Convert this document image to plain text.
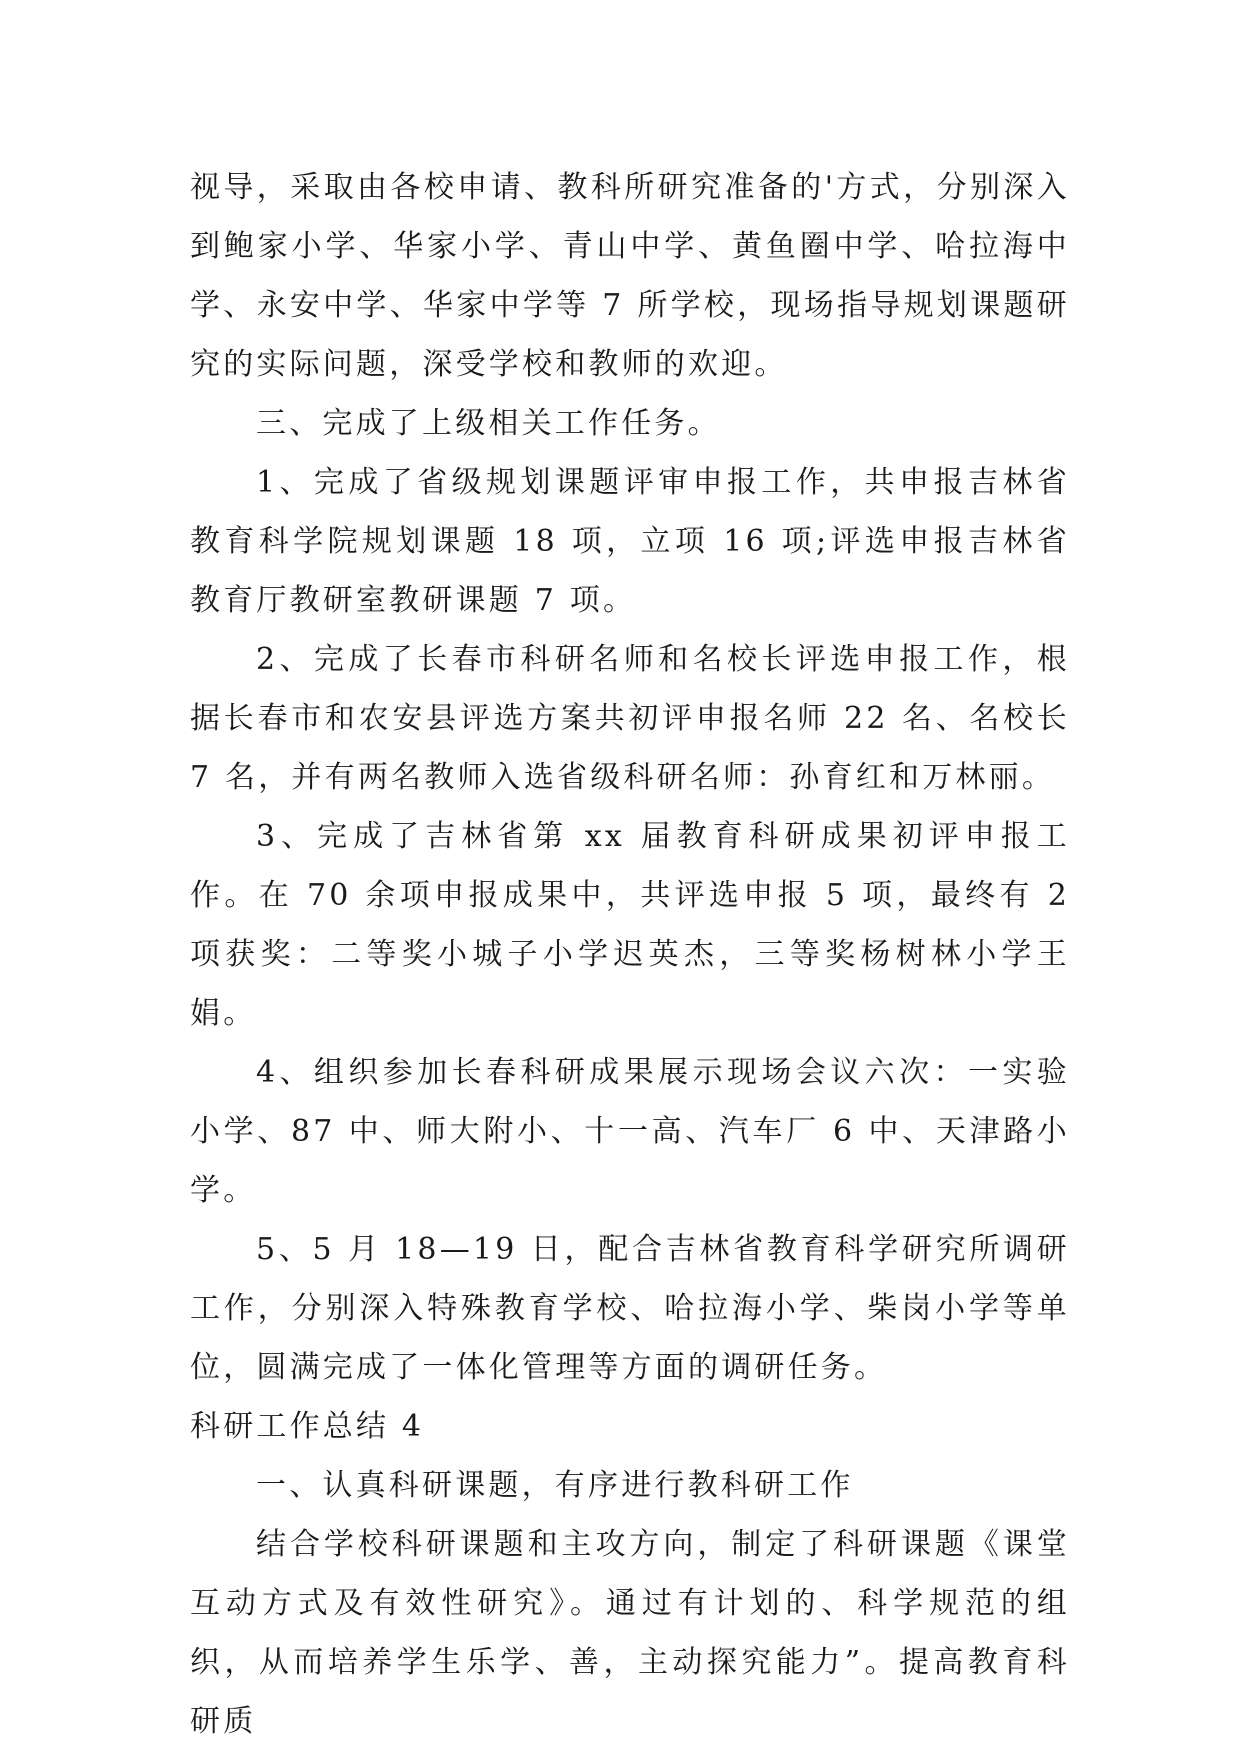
视导，采取由各校申请、教科所研究准备的'方式，分别深入到鲍家小学、华家小学、青山中学、黄鱼圈中学、哈拉海中学、永安中学、华家中学等 7 所学校，现场指导规划课题研究的实际问题，深受学校和教师的欢迎。

三、完成了上级相关工作任务。

1、完成了省级规划课题评审申报工作，共申报吉林省教育科学院规划课题 18 项，立项 16 项;评选申报吉林省教育厅教研室教研课题 7 项。

2、完成了长春市科研名师和名校长评选申报工作，根据长春市和农安县评选方案共初评申报名师 22 名、名校长 7 名，并有两名教师入选省级科研名师：孙育红和万林丽。

3、完成了吉林省第 xx 届教育科研成果初评申报工作。在 70 余项申报成果中，共评选申报 5 项，最终有 2 项获奖：二等奖小城子小学迟英杰，三等奖杨树林小学王娟。

4、组织参加长春科研成果展示现场会议六次：一实验小学、87 中、师大附小、十一高、汽车厂 6 中、天津路小学。

5、5 月 18—19 日，配合吉林省教育科学研究所调研工作，分别深入特殊教育学校、哈拉海小学、柴岗小学等单位，圆满完成了一体化管理等方面的调研任务。

科研工作总结 4

一、认真科研课题，有序进行教科研工作

结合学校科研课题和主攻方向，制定了科研课题《课堂互动方式及有效性研究》。通过有计划的、科学规范的组织，从而培养学生乐学、善，主动探究能力”。提高教育科研质
